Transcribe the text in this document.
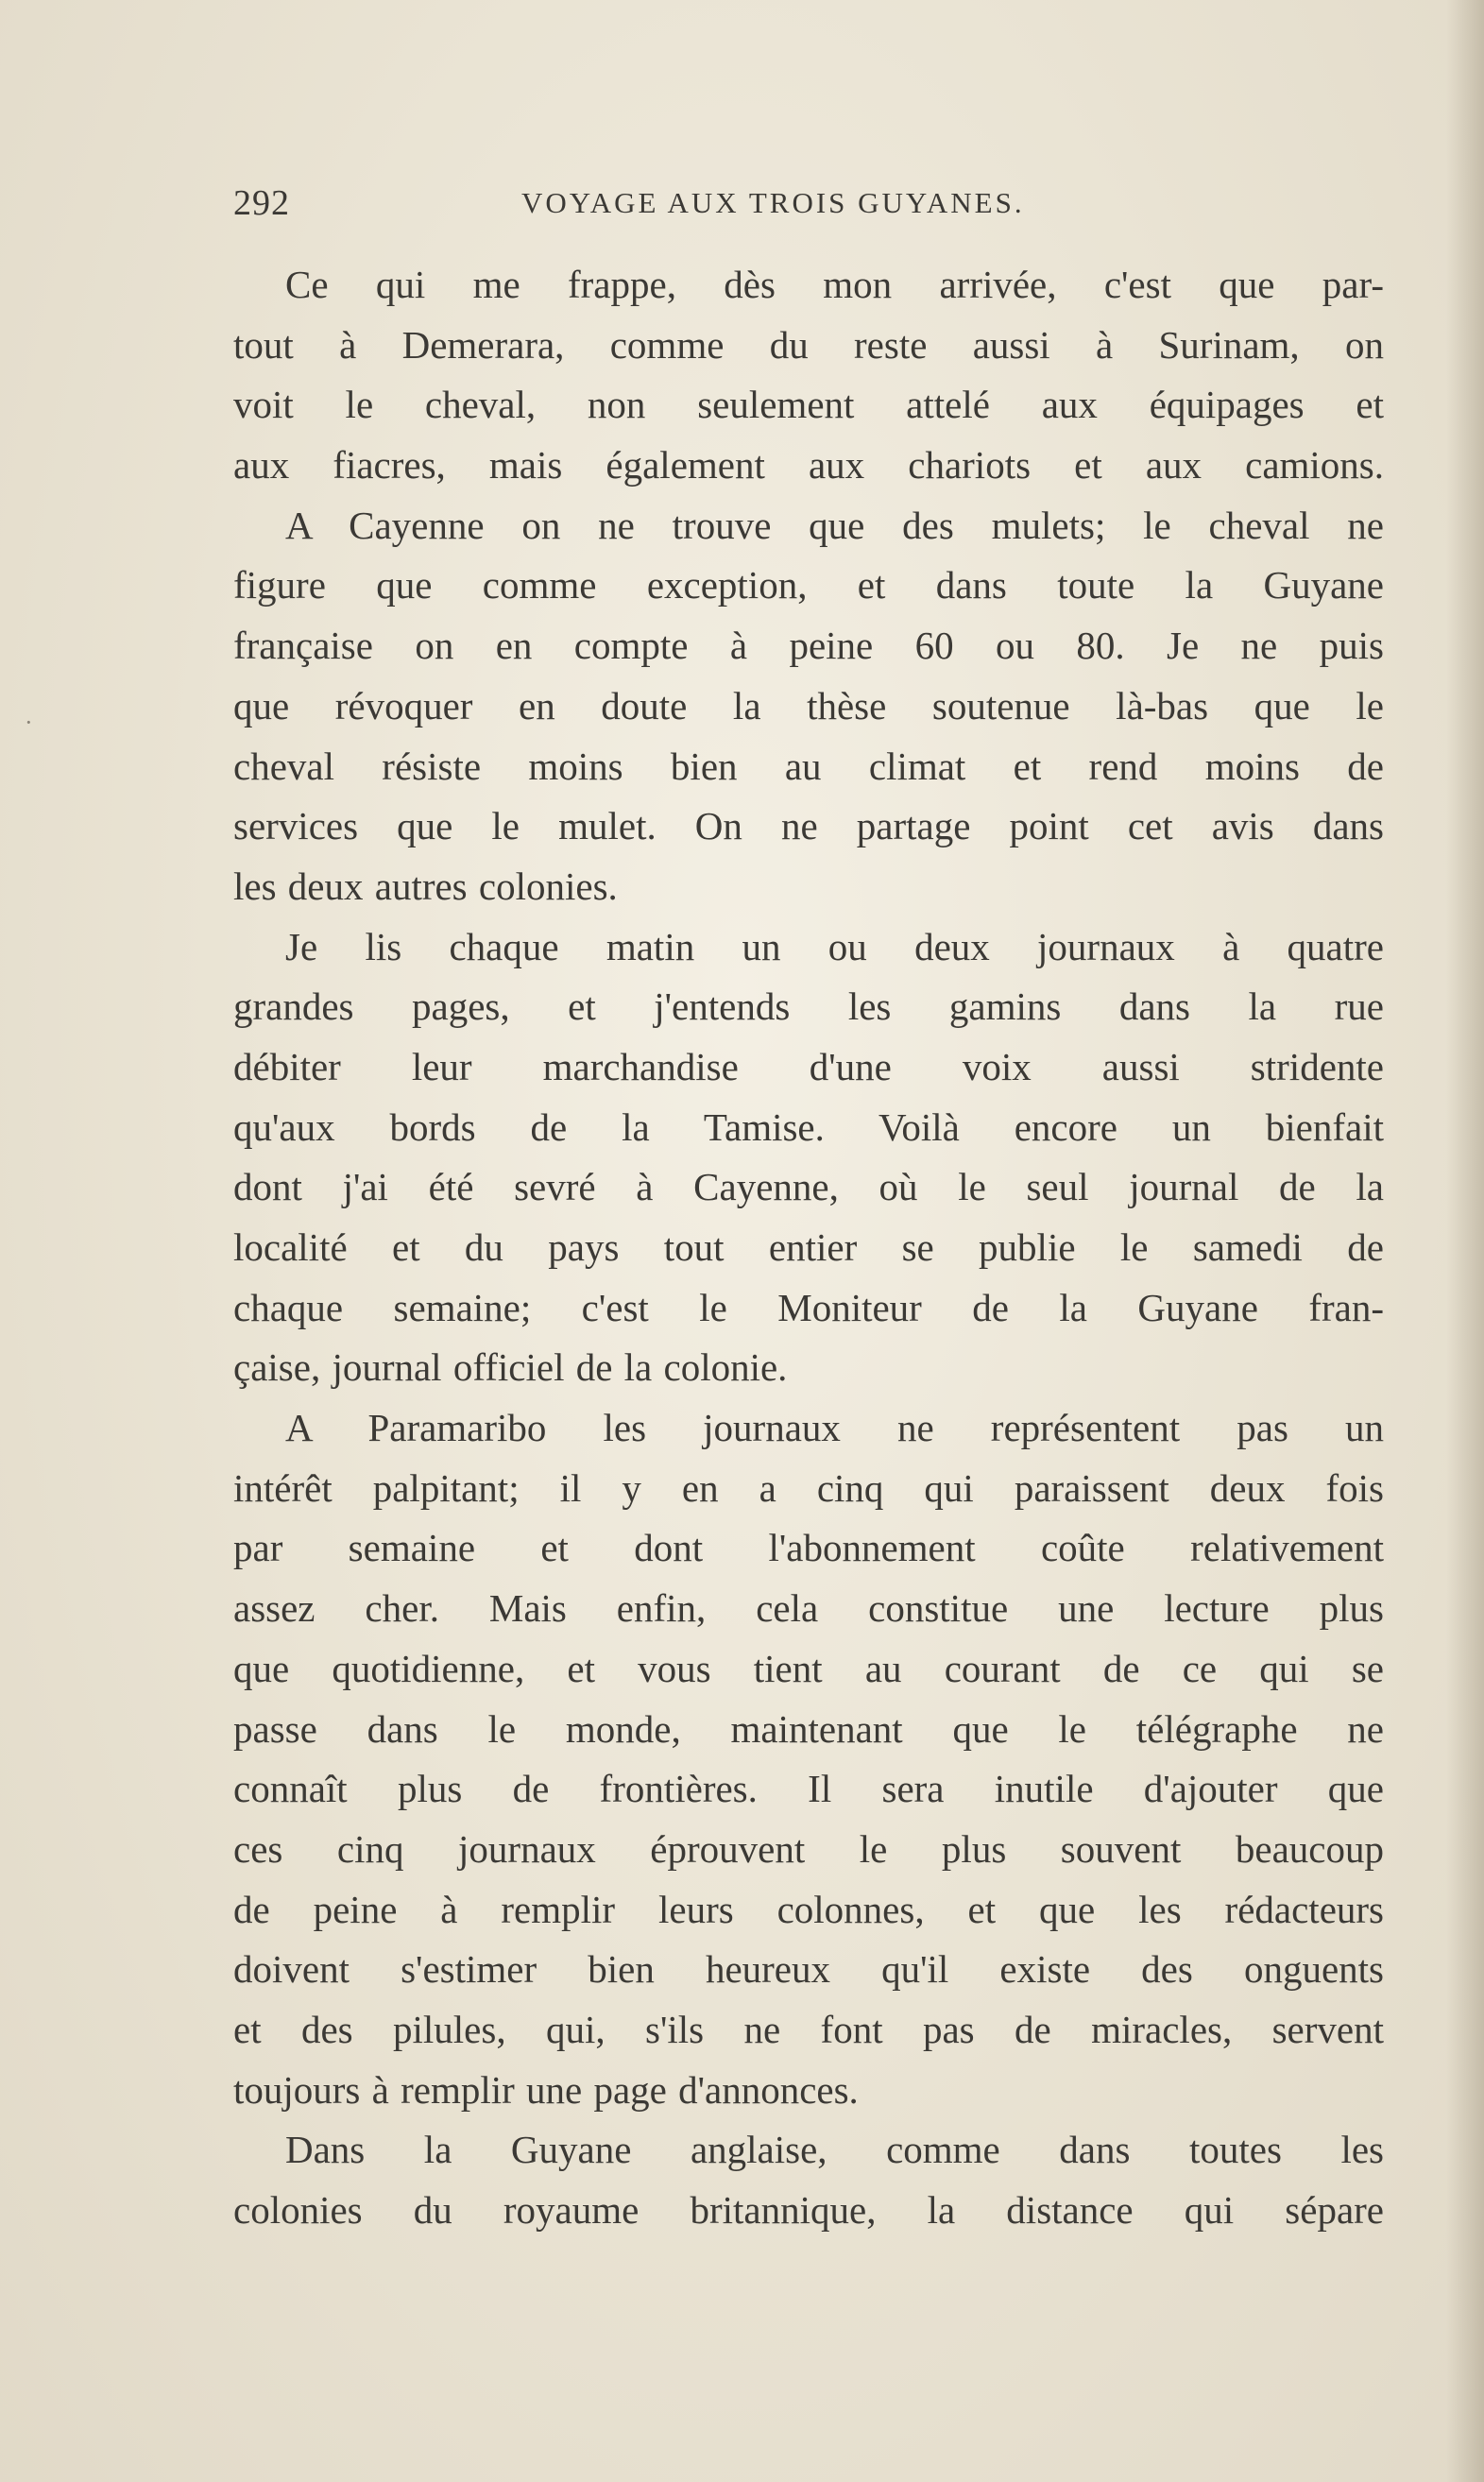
·
292	VOYAGE AUX TROIS GUYANES.
Ce qui me frappe, dès mon arrivée, c'est que par-
tout à Demerara, comme du reste aussi à Surinam, on
voit le cheval, non seulement attelé aux équipages et
aux fiacres, mais également aux chariots et aux camions.
A Cayenne on ne trouve que des mulets; le cheval ne
figure que comme exception, et dans toute la Guyane
française on en compte à peine 60 ou 80. Je ne puis
que révoquer en doute la thèse soutenue là-bas que le
cheval résiste moins bien au climat et rend moins de
services que le mulet. On ne partage point cet avis dans
les deux autres colonies.
Je lis chaque matin un ou deux journaux à quatre
grandes pages, et j'entends les gamins dans la rue
débiter leur marchandise d'une voix aussi stridente
qu'aux bords de la Tamise. Voilà encore un bienfait
dont j'ai été sevré à Cayenne, où le seul journal de la
localité et du pays tout entier se publie le samedi de
chaque semaine; c'est le Moniteur de la Guyane fran-
çaise, journal officiel de la colonie.
A Paramaribo les journaux ne représentent pas un
intérêt palpitant; il y en a cinq qui paraissent deux fois
par semaine et dont l'abonnement coûte relativement
assez cher. Mais enfin, cela constitue une lecture plus
que quotidienne, et vous tient au courant de ce qui se
passe dans le monde, maintenant que le télégraphe ne
connaît plus de frontières. Il sera inutile d'ajouter que
ces cinq journaux éprouvent le plus souvent beaucoup
de peine à remplir leurs colonnes, et que les rédacteurs
doivent s'estimer bien heureux qu'il existe des onguents
et des pilules, qui, s'ils ne font pas de miracles, servent
toujours à remplir une page d'annonces.
Dans la Guyane anglaise, comme dans toutes les
colonies du royaume britannique, la distance qui sépare
